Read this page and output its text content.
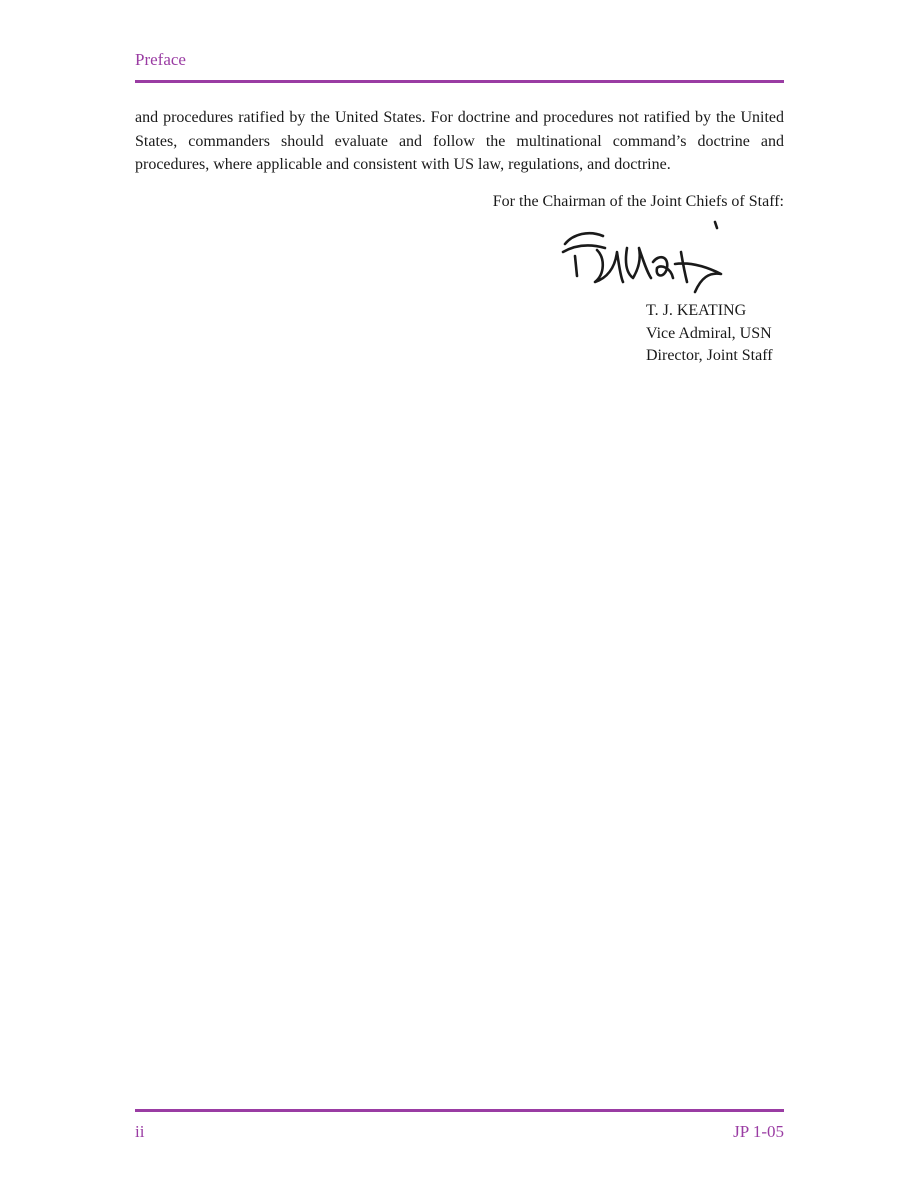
Preface

and procedures ratified by the United States. For doctrine and procedures not ratified by the United States, commanders should evaluate and follow the multinational command’s doctrine and procedures, where applicable and consistent with US law, regulations, and doctrine.

For the Chairman of the Joint Chiefs of Staff:
T. J. KEATING
Vice Admiral, USN
Director, Joint Staff
ii	JP 1-05
